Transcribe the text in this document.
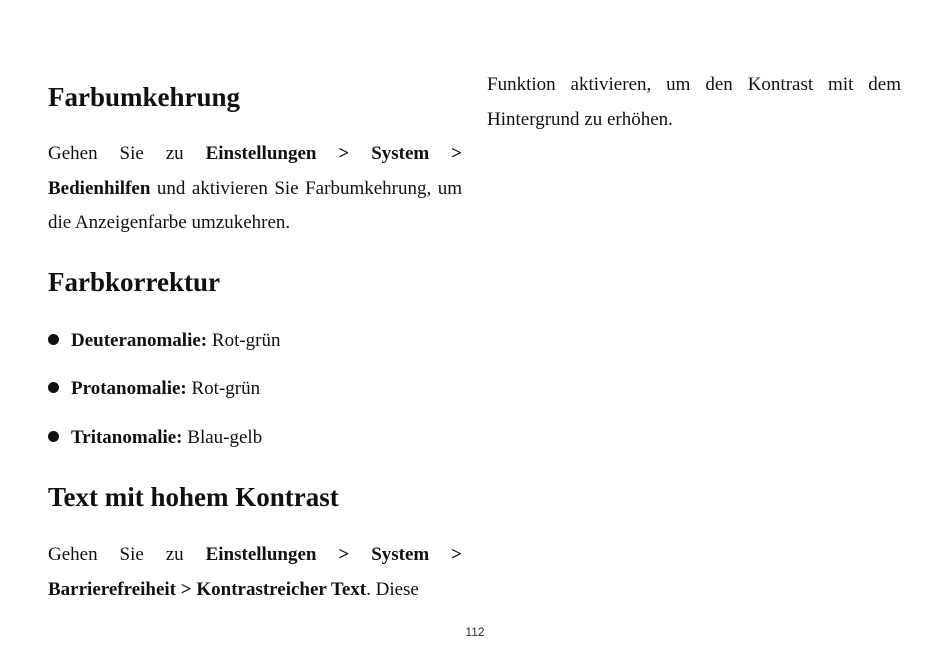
Farbumkehrung

Gehen Sie zu Einstellungen > System > Bedienhilfen und aktivieren Sie Farbumkehrung, um die Anzeigenfarbe umzukehren.

Farbkorrektur
Deuteranomalie: Rot-grün
Protanomalie: Rot-grün
Tritanomalie: Blau-gelb
Text mit hohem Kontrast

Gehen Sie zu Einstellungen > System > Barrierefreiheit > Kontrastreicher Text. Diese

Funktion aktivieren, um den Kontrast mit dem Hintergrund zu erhöhen.

112
